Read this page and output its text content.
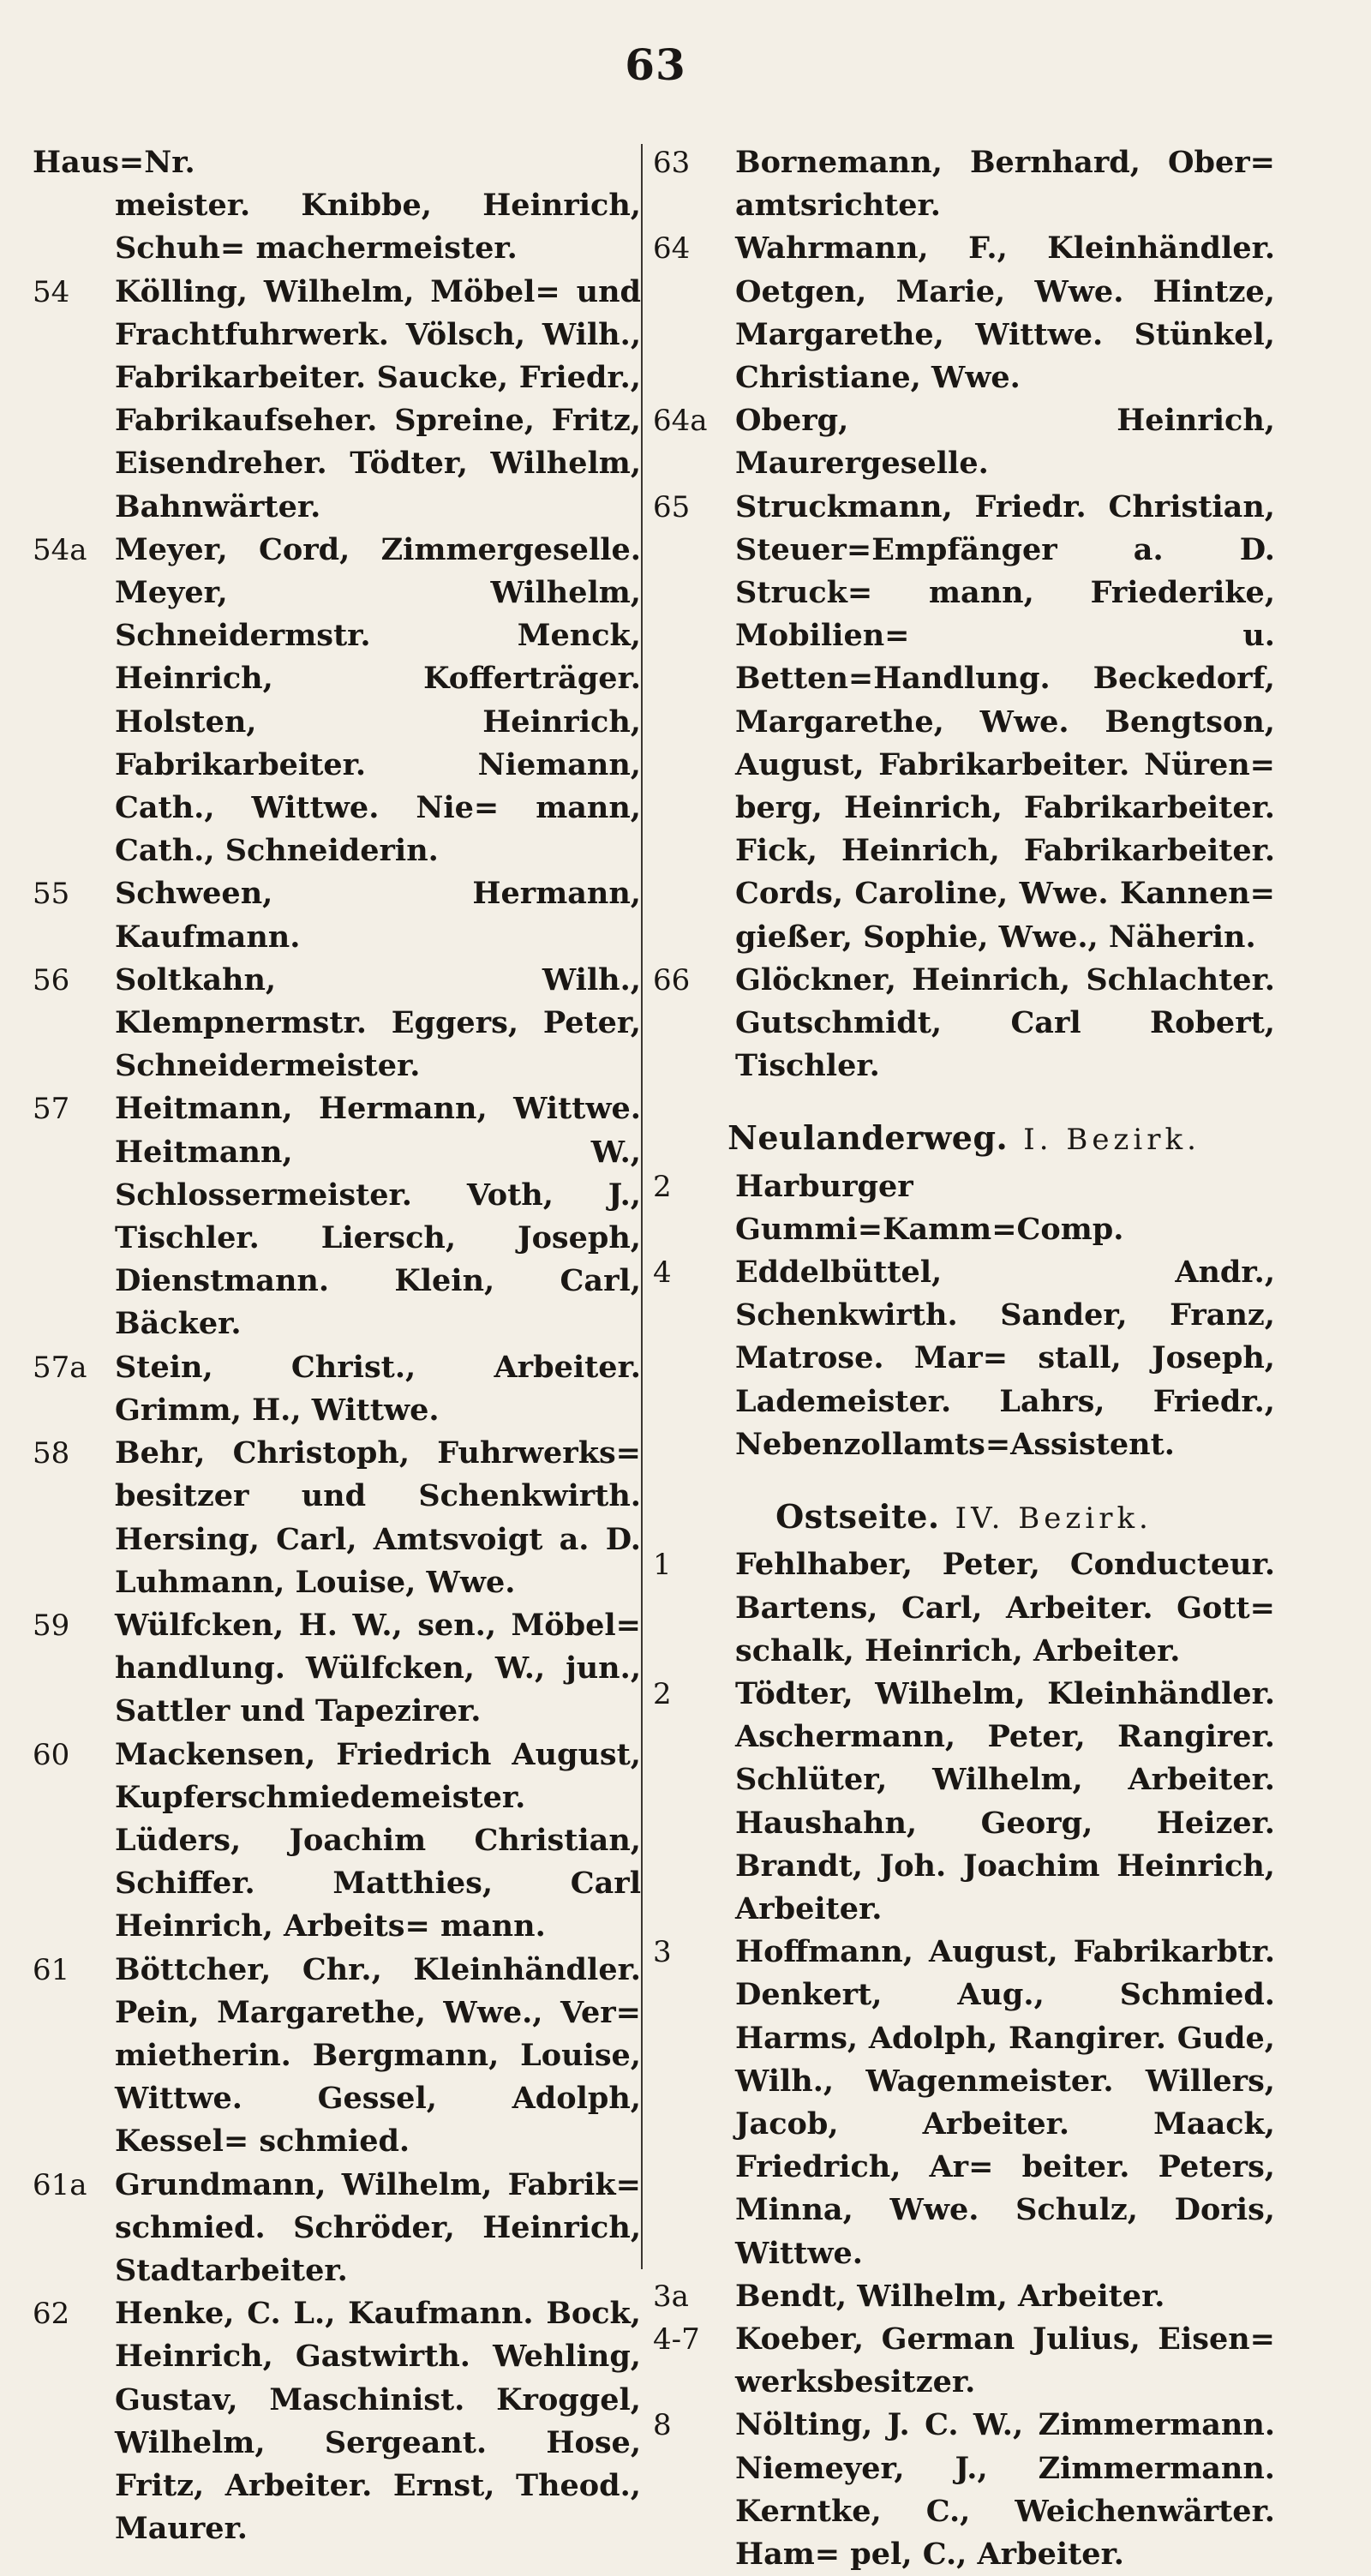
63
Haus=Nr.
meister. Knibbe, Heinrich, Schuh= machermeister.
54	Kölling, Wilhelm, Möbel= und Frachtfuhrwerk. Völsch, Wilh., Fabrikarbeiter. Saucke, Friedr., Fabrikaufseher. Spreine, Fritz, Eisendreher. Tödter, Wilhelm, Bahnwärter.
54a Meyer, Cord, Zimmergeselle. Meyer, Wilhelm, Schneidermstr. Menck, Heinrich, Kofferträger. Holsten, Heinrich, Fabrikarbeiter. Niemann, Cath., Wittwe. Nie= mann, Cath., Schneiderin.
55	Schween, Hermann, Kaufmann.
56	Soltkahn, Wilh., Klempnermstr. Eggers, Peter, Schneidermeister.
57	Heitmann, Hermann, Wittwe. Heitmann, W., Schlossermeister. Voth, J., Tischler. Liersch, Joseph, Dienstmann. Klein, Carl, Bäcker.
57a Stein, Christ., Arbeiter. Grimm, H., Wittwe.
58	Behr, Christoph, Fuhrwerks= besitzer und Schenkwirth. Hersing, Carl, Amtsvoigt a. D. Luhmann, Louise, Wwe.
59	Wülfcken, H. W., sen., Möbel= handlung. Wülfcken, W., jun., Sattler und Tapezirer.
60	Mackensen, Friedrich August, Kupferschmiedemeister. Lüders, Joachim Christian, Schiffer. Matthies, Carl Heinrich, Arbeits= mann.
61	Böttcher, Chr., Kleinhändler. Pein, Margarethe, Wwe., Ver= mietherin. Bergmann, Louise, Wittwe. Gessel, Adolph, Kessel= schmied.
61a Grundmann, Wilhelm, Fabrik= schmied. Schröder, Heinrich, Stadtarbeiter.
62	Henke, C. L., Kaufmann. Bock, Heinrich, Gastwirth. Wehling, Gustav, Maschinist. Kroggel, Wilhelm, Sergeant. Hose, Fritz, Arbeiter. Ernst, Theod., Maurer.
63	Bornemann, Bernhard, Ober= amtsrichter.
64	Wahrmann, F., Kleinhändler. Oetgen, Marie, Wwe. Hintze, Margarethe, Wittwe. Stünkel, Christiane, Wwe.
64a Oberg, Heinrich, Maurergeselle.
65	Struckmann, Friedr. Christian, Steuer=Empfänger a. D. Struck= mann, Friederike, Mobilien= u. Betten=Handlung. Beckedorf, Margarethe, Wwe. Bengtson, August, Fabrikarbeiter. Nüren= berg, Heinrich, Fabrikarbeiter. Fick, Heinrich, Fabrikarbeiter. Cords, Caroline, Wwe. Kannen= gießer, Sophie, Wwe., Näherin.
66	Glöckner, Heinrich, Schlachter. Gutschmidt, Carl Robert, Tischler.
Neulanderweg. I. Bezirk.
2	Harburger Gummi=Kamm=Comp.
4	Eddelbüttel, Andr., Schenkwirth. Sander, Franz, Matrose. Mar= stall, Joseph, Lademeister. Lahrs, Friedr., Nebenzollamts=Assistent.
Ostseite. IV. Bezirk.
1	Fehlhaber, Peter, Conducteur. Bartens, Carl, Arbeiter. Gott= schalk, Heinrich, Arbeiter.
2	Tödter, Wilhelm, Kleinhändler. Aschermann, Peter, Rangirer. Schlüter, Wilhelm, Arbeiter. Haushahn, Georg, Heizer. Brandt, Joh. Joachim Heinrich, Arbeiter.
3	Hoffmann, August, Fabrikarbtr. Denkert, Aug., Schmied. Harms, Adolph, Rangirer. Gude, Wilh., Wagenmeister. Willers, Jacob, Arbeiter. Maack, Friedrich, Ar= beiter. Peters, Minna, Wwe. Schulz, Doris, Wittwe.
3a	Bendt, Wilhelm, Arbeiter.
4-7	Koeber, German Julius, Eisen= werksbesitzer.
8	Nölting, J. C. W., Zimmermann. Niemeyer, J., Zimmermann. Kerntke, C., Weichenwärter. Ham= pel, C., Arbeiter.
